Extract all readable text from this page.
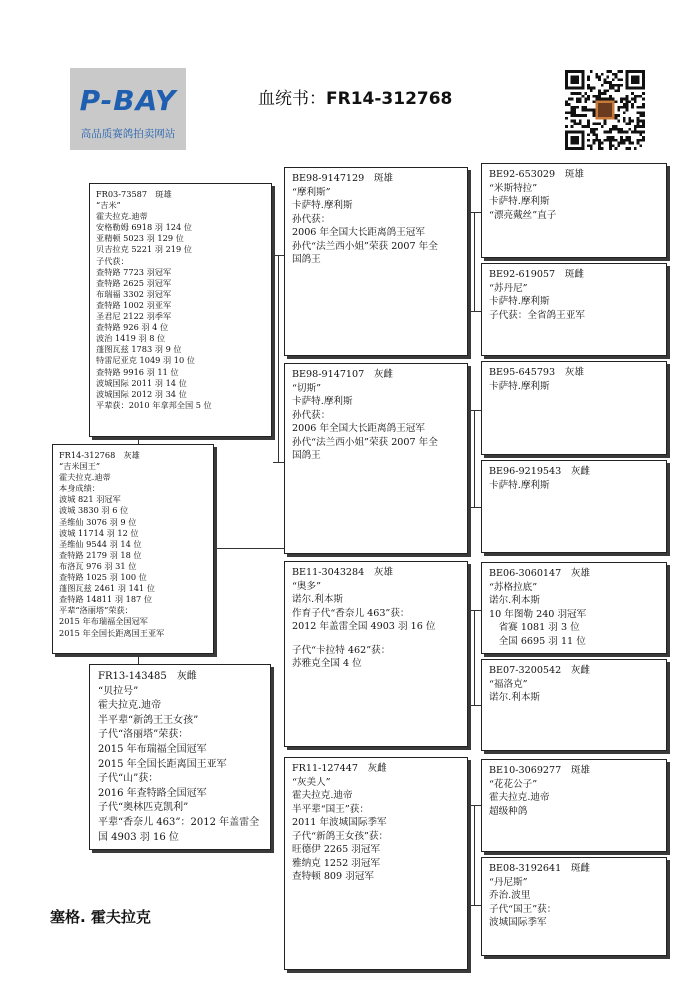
P-BAY
高品质赛鸽拍卖网站
血统书：FR14-312768
FR03-73587　斑雄
“吉米”
霍夫拉克.迪蒂
安格勒姆 6918 羽 124 位
亚精顿 5023 羽 129 位
贝吉拉克 5221 羽 219 位
子代获：
查特路 7723 羽冠军
查特路 2625 羽冠军
布瑞福 3302 羽冠军
查特路 1002 羽亚军
圣君尼 2122 羽季军
查特路 926 羽 4 位
波治 1419 羽 8 位
蓬图瓦兹 1783 羽 9 位
特雷尼亚克 1049 羽 10 位
查特路 9916 羽 11 位
波城国际 2011 羽 14 位
波城国际 2012 羽 34 位
平辈获：2010 年拿邦全国 5 位
FR14-312768　灰雄
“吉米国王”
霍夫拉克.迪蒂
本身成绩：
波城 821 羽冠军
波城 3830 羽 6 位
圣维仙 3076 羽 9 位
波城 11714 羽 12 位
圣维仙 9544 羽 14 位
查特路 2179 羽 18 位
布洛瓦 976 羽 31 位
查特路 1025 羽 100 位
蓬图瓦兹 2461 羽 141 位
查特路 14811 羽 187 位
平辈“洛丽塔”荣获：
2015 年布瑞福全国冠军
2015 年全国长距离国王亚军
FR13-143485　灰雌
“贝拉号”
霍夫拉克.迪帝
半平辈“新鸽王王女孩”
子代“洛丽塔”荣获：
2015 年布瑞福全国冠军
2015 年全国长距离国王亚军
子代“山”获：
2016 年查特路全国冠军
子代“奥林匹克凯利”
平辈“香奈儿 463”：2012 年盖雷全
国 4903 羽 16 位
BE98-9147129　斑雄
“摩利斯”
卡萨特.摩利斯
孙代获：
2006 年全国大长距离鸽王冠军
孙代“法兰西小姐”荣获 2007 年全
国鸽王
BE98-9147107　灰雌
“切斯”
卡萨特.摩利斯
孙代获：
2006 年全国大长距离鸽王冠军
孙代“法兰西小姐”荣获 2007 年全
国鸽王
BE11-3043284　灰雄
“奥多”
诺尔.利本斯
作育子代“香奈儿 463”获：
2012 年盖雷全国 4903 羽 16 位
子代“卡拉特 462”获：
苏雅克全国 4 位
FR11-127447　灰雌
“灰美人”
霍夫拉克.迪帝
半平辈“国王”获：
2011 年波城国际季军
子代“新鸽王女孩”获：
旺德伊 2265 羽冠军
雅纳克 1252 羽冠军
查特顿 809 羽冠军
BE92-653029　斑雄
“米斯特拉”
卡萨特.摩利斯
“漂亮戴丝”直子
BE92-619057　斑雌
“苏丹尼”
卡萨特.摩利斯
子代获：全省鸽王亚军
BE95-645793　灰雄
卡萨特.摩利斯
BE96-9219543　灰雌
卡萨特.摩利斯
BE06-3060147　灰雄
“苏格拉底”
诺尔.利本斯
10 年图勒 240 羽冠军
　省赛 1081 羽 3 位
　全国 6695 羽 11 位
BE07-3200542　灰雌
“福洛克”
诺尔.利本斯
BE10-3069277　斑雄
“花花公子”
霍夫拉克.迪帝
超级种鸽
BE08-3192641　斑雌
“丹尼斯”
乔治.波里
子代“国王”获：
波城国际季军
塞格. 霍夫拉克
